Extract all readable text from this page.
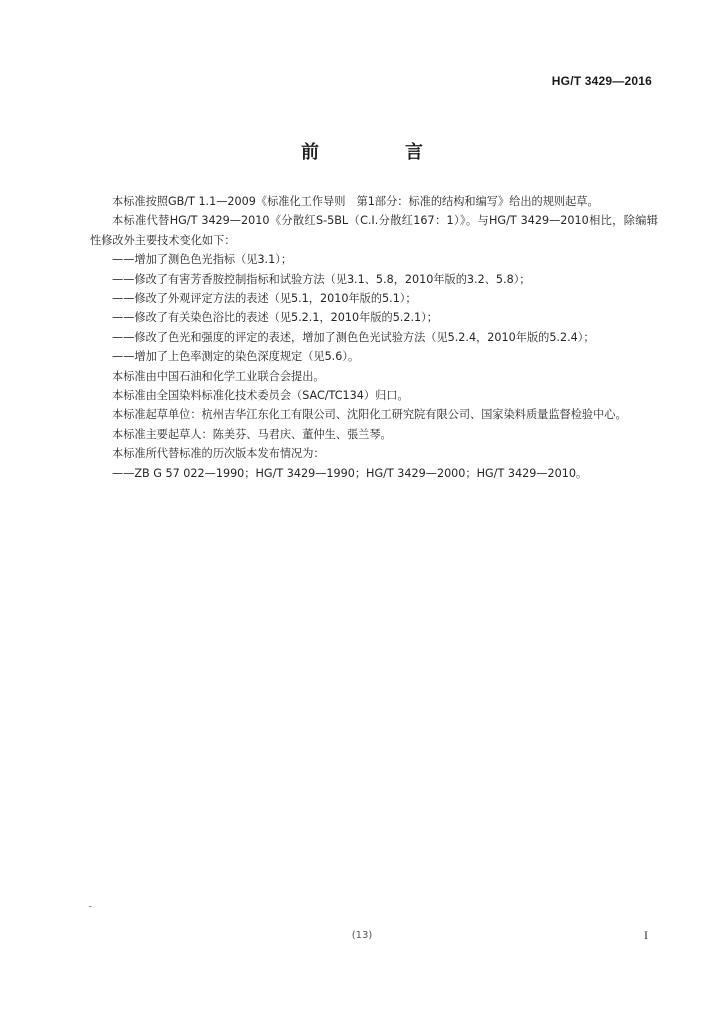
HG/T 3429—2016
前　言

本标准按照GB/T 1.1—2009《标准化工作导则　第1部分：标准的结构和编写》给出的规则起草。

本标准代替HG/T 3429—2010《分散红S-5BL（C.I.分散红167：1）》。与HG/T 3429—2010相比，除编辑性修改外主要技术变化如下：

——增加了测色色光指标（见3.1）；

——修改了有害芳香胺控制指标和试验方法（见3.1、5.8，2010年版的3.2、5.8）；

——修改了外观评定方法的表述（见5.1，2010年版的5.1）；

——修改了有关染色浴比的表述（见5.2.1，2010年版的5.2.1）；

——修改了色光和强度的评定的表述，增加了测色色光试验方法（见5.2.4，2010年版的5.2.4）；

——增加了上色率测定的染色深度规定（见5.6）。

本标准由中国石油和化学工业联合会提出。

本标准由全国染料标准化技术委员会（SAC/TC134）归口。

本标准起草单位：杭州吉华江东化工有限公司、沈阳化工研究院有限公司、国家染料质量监督检验中心。

本标准主要起草人：陈美芬、马君庆、董仲生、張兰琴。

本标准所代替标准的历次版本发布情况为：

——ZB G 57 022—1990；HG/T 3429—1990；HG/T 3429—2000；HG/T 3429—2010。

˘
(13)	I
